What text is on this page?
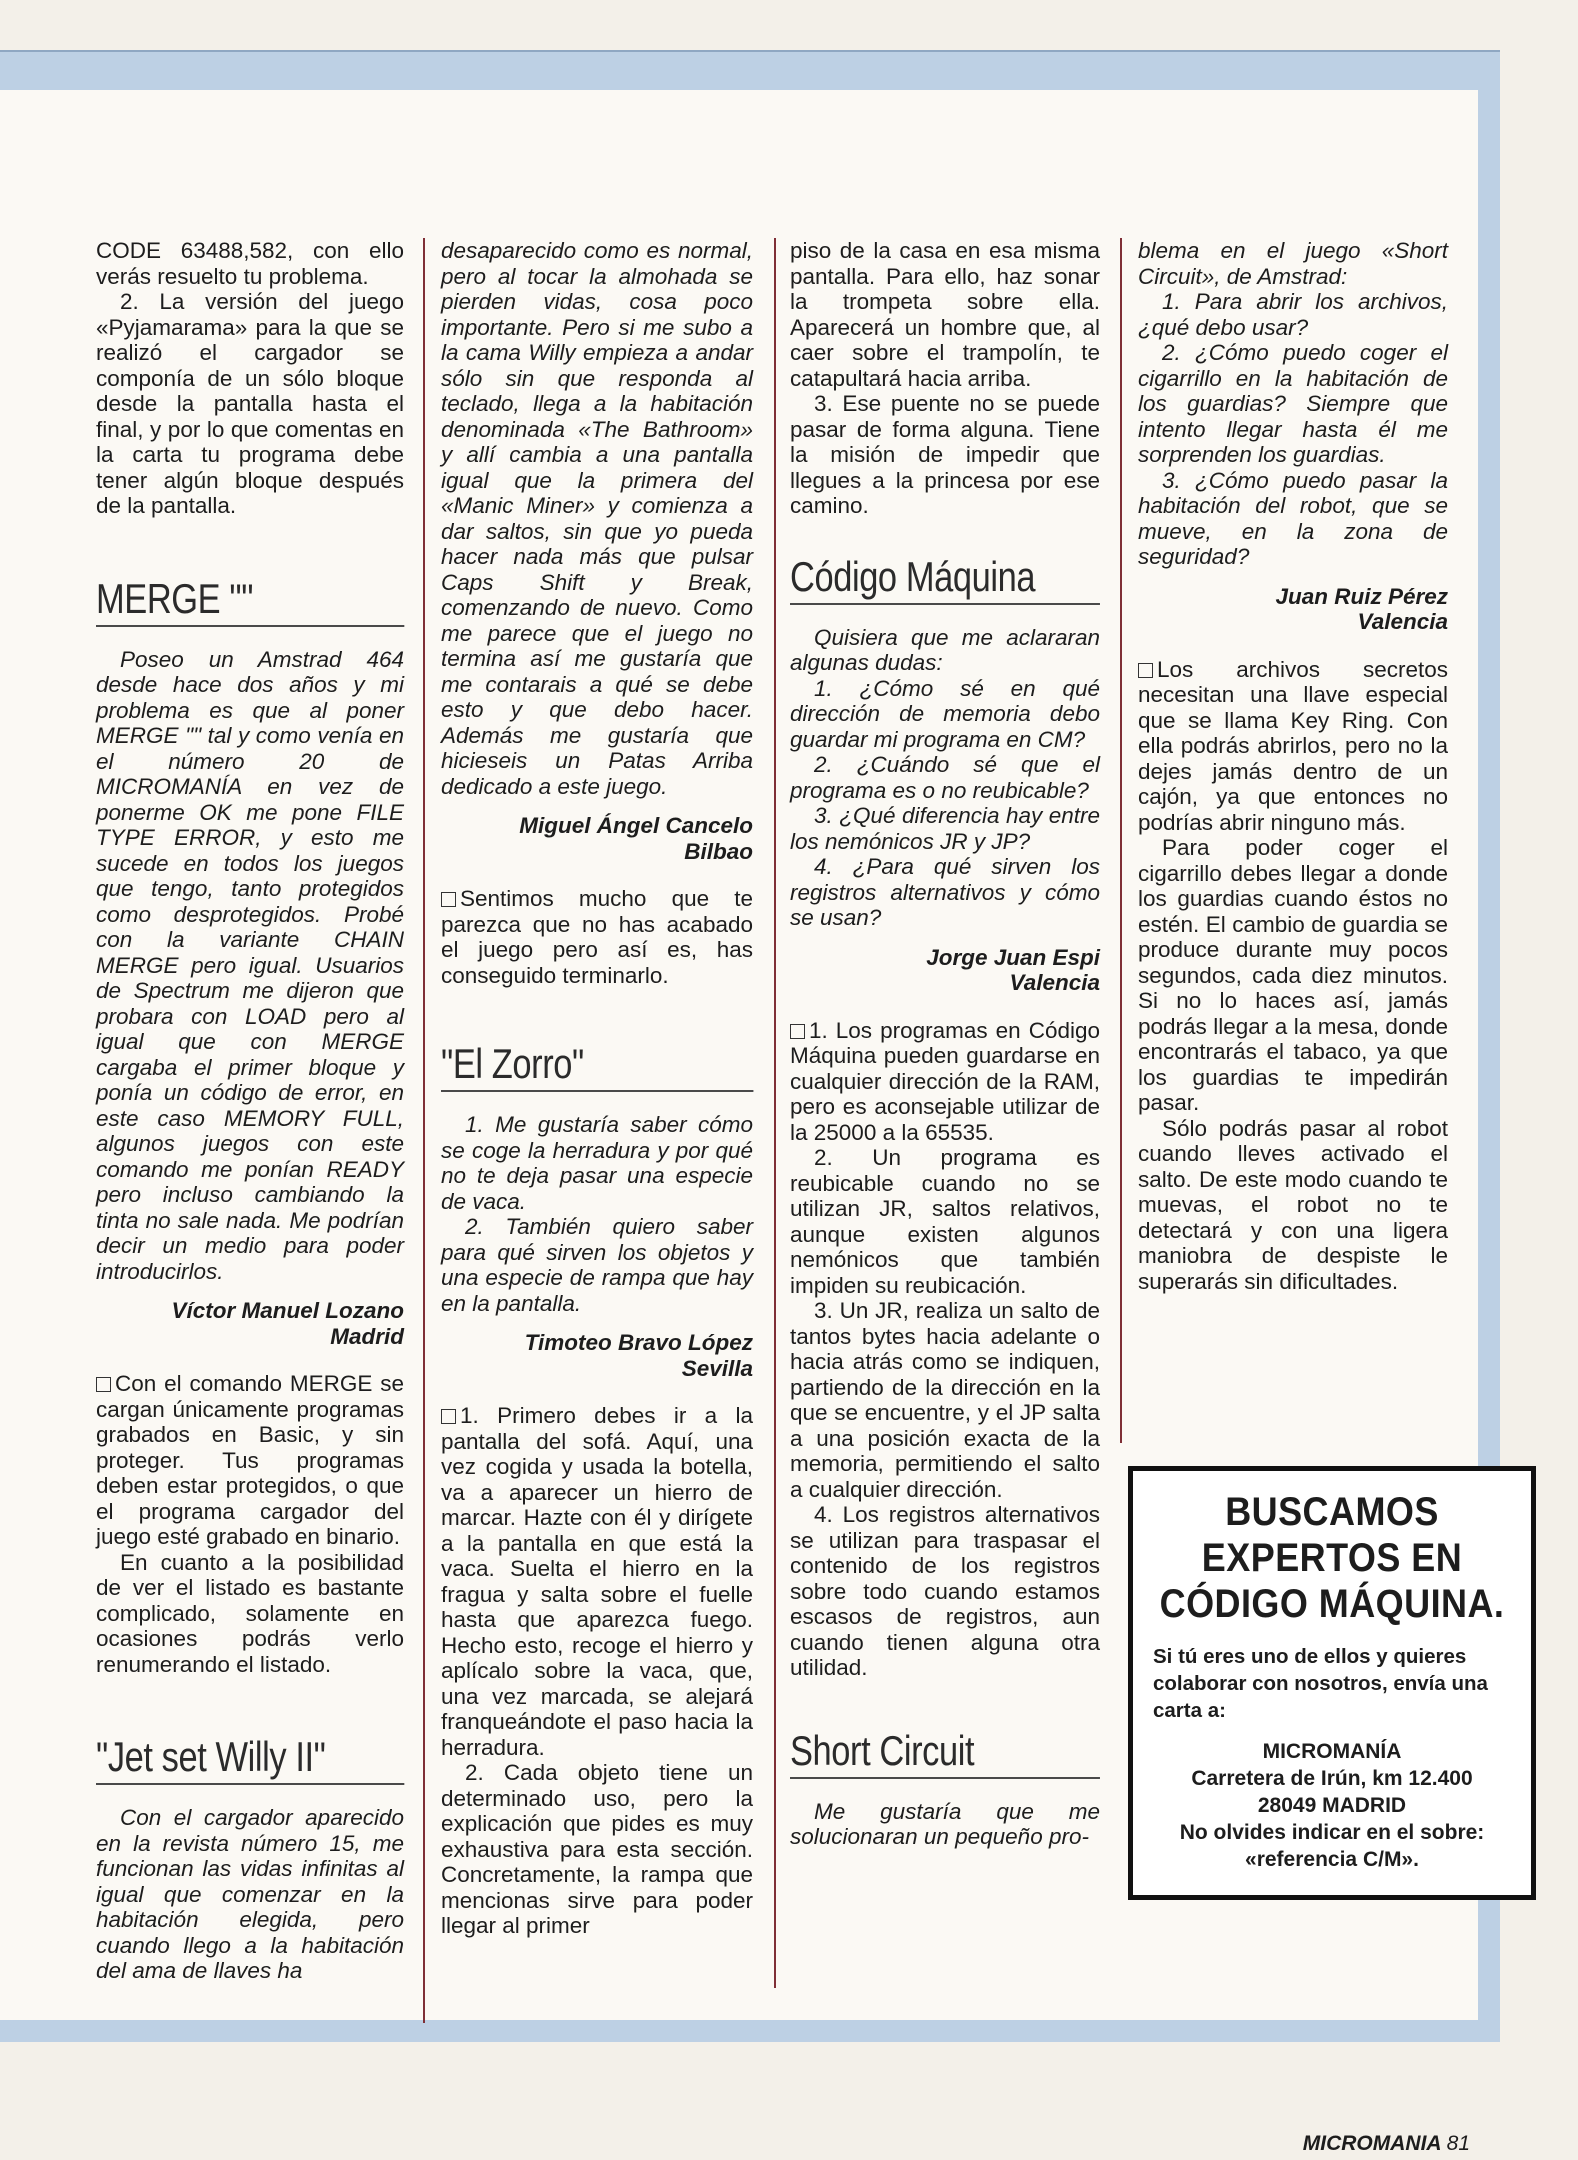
CODE 63488,582, con ello verás resuelto tu problema.

2. La versión del juego «Pyjamarama» para la que se realizó el cargador se componía de un sólo bloque desde la pantalla hasta el final, y por lo que comentas en la carta tu programa debe tener algún bloque después de la pantalla.

MERGE ""

Poseo un Amstrad 464 desde hace dos años y mi problema es que al poner MERGE "" tal y como venía en el número 20 de MICROMANÍA en vez de ponerme OK me pone FILE TYPE ERROR, y esto me sucede en todos los juegos que tengo, tanto protegidos como desprotegidos. Probé con la variante CHAIN MERGE pero igual. Usuarios de Spectrum me dijeron que probara con LOAD pero al igual que con MERGE cargaba el primer bloque y ponía un código de error, en este caso MEMORY FULL, algunos juegos con este comando me ponían READY pero incluso cambiando la tinta no sale nada. Me podrían decir un medio para poder introducirlos.

Víctor Manuel Lozano
Madrid

Con el comando MERGE se cargan únicamente programas grabados en Basic, y sin proteger. Tus programas deben estar protegidos, o que el programa cargador del juego esté grabado en binario.

En cuanto a la posibilidad de ver el listado es bastante complicado, solamente en ocasiones podrás verlo renumerando el listado.

"Jet set Willy II"

Con el cargador aparecido en la revista número 15, me funcionan las vidas infinitas al igual que comenzar en la habitación elegida, pero cuando llego a la habitación del ama de llaves ha

desaparecido como es normal, pero al tocar la almohada se pierden vidas, cosa poco importante. Pero si me subo a la cama Willy empieza a andar sólo sin que responda al teclado, llega a la habitación denominada «The Bathroom» y allí cambia a una pantalla igual que la primera del «Manic Miner» y comienza a dar saltos, sin que yo pueda hacer nada más que pulsar Caps Shift y Break, comenzando de nuevo. Como me parece que el juego no termina así me gustaría que me contarais a qué se debe esto y que debo hacer. Además me gustaría que hicieseis un Patas Arriba dedicado a este juego.

Miguel Ángel Cancelo
Bilbao

Sentimos mucho que te parezca que no has acabado el juego pero así es, has conseguido terminarlo.

"El Zorro"

1. Me gustaría saber cómo se coge la herradura y por qué no te deja pasar una especie de vaca.

2. También quiero saber para qué sirven los objetos y una especie de rampa que hay en la pantalla.

Timoteo Bravo López
Sevilla

1. Primero debes ir a la pantalla del sofá. Aquí, una vez cogida y usada la botella, va a aparecer un hierro de marcar. Hazte con él y dirígete a la pantalla en que está la vaca. Suelta el hierro en la fragua y salta sobre el fuelle hasta que aparezca fuego. Hecho esto, recoge el hierro y aplícalo sobre la vaca, que, una vez marcada, se alejará franqueándote el paso hacia la herradura.

2. Cada objeto tiene un determinado uso, pero la explicación que pides es muy exhaustiva para esta sección. Concretamente, la rampa que mencionas sirve para poder llegar al primer

piso de la casa en esa misma pantalla. Para ello, haz sonar la trompeta sobre ella. Aparecerá un hombre que, al caer sobre el trampolín, te catapultará hacia arriba.

3. Ese puente no se puede pasar de forma alguna. Tiene la misión de impedir que llegues a la princesa por ese camino.

Código Máquina

Quisiera que me aclararan algunas dudas:

1. ¿Cómo sé en qué dirección de memoria debo guardar mi programa en CM?

2. ¿Cuándo sé que el programa es o no reubicable?

3. ¿Qué diferencia hay entre los nemónicos JR y JP?

4. ¿Para qué sirven los registros alternativos y cómo se usan?

Jorge Juan Espi
Valencia

1. Los programas en Código Máquina pueden guardarse en cualquier dirección de la RAM, pero es aconsejable utilizar de la 25000 a la 65535.

2. Un programa es reubicable cuando no se utilizan JR, saltos relativos, aunque existen algunos nemónicos que también impiden su reubicación.

3. Un JR, realiza un salto de tantos bytes hacia adelante o hacia atrás como se indiquen, partiendo de la dirección en la que se encuentre, y el JP salta a una posición exacta de la memoria, permitiendo el salto a cualquier dirección.

4. Los registros alternativos se utilizan para traspasar el contenido de los registros sobre todo cuando estamos escasos de registros, aun cuando tienen alguna otra utilidad.

Short Circuit

Me gustaría que me solucionaran un pequeño pro-

blema en el juego «Short Circuit», de Amstrad:

1. Para abrir los archivos, ¿qué debo usar?

2. ¿Cómo puedo coger el cigarrillo en la habitación de los guardias? Siempre que intento llegar hasta él me sorprenden los guardias.

3. ¿Cómo puedo pasar la habitación del robot, que se mueve, en la zona de seguridad?

Juan Ruiz Pérez
Valencia

Los archivos secretos necesitan una llave especial que se llama Key Ring. Con ella podrás abrirlos, pero no la dejes jamás dentro de un cajón, ya que entonces no podrías abrir ninguno más.

Para poder coger el cigarrillo debes llegar a donde los guardias cuando éstos no estén. El cambio de guardia se produce durante muy pocos segundos, cada diez minutos. Si no lo haces así, jamás podrás llegar a la mesa, donde encontrarás el tabaco, ya que los guardias te impedirán pasar.

Sólo podrás pasar al robot cuando lleves activado el salto. De este modo cuando te muevas, el robot no te detectará y con una ligera maniobra de despiste le superarás sin dificultades.

BUSCAMOS EXPERTOS EN CÓDIGO MÁQUINA.
Si tú eres uno de ellos y quieres colaborar con nosotros, envía una carta a:
MICROMANÍA
Carretera de Irún, km 12.400
28049 MADRID
No olvides indicar en el sobre: «referencia C/M».
MICROMANIA 81
